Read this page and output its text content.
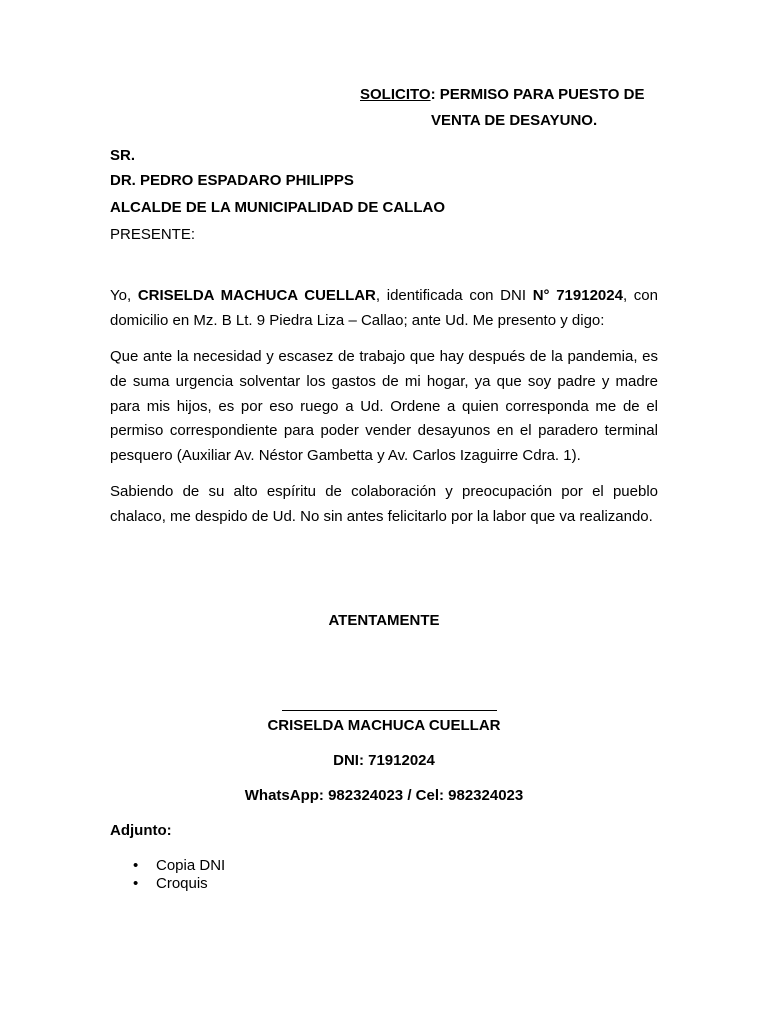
SOLICITO: PERMISO PARA PUESTO DE
VENTA DE DESAYUNO.
SR.
DR. PEDRO ESPADARO PHILIPPS
ALCALDE DE LA MUNICIPALIDAD DE CALLAO
PRESENTE:

Yo, CRISELDA MACHUCA CUELLAR, identificada con DNI N° 71912024, con domicilio en Mz. B Lt. 9 Piedra Liza – Callao; ante Ud. Me presento y digo:

Que ante la necesidad y escasez de trabajo que hay después de la pandemia, es de suma urgencia solventar los gastos de mi hogar, ya que soy padre y madre para mis hijos, es por eso ruego a Ud. Ordene a quien corresponda me de el permiso correspondiente para poder vender desayunos en el paradero terminal pesquero (Auxiliar Av. Néstor Gambetta y Av. Carlos Izaguirre Cdra. 1).

Sabiendo de su alto espíritu de colaboración y preocupación por el pueblo chalaco, me despido de Ud. No sin antes felicitarlo por la labor que va realizando.

ATENTAMENTE
CRISELDA MACHUCA CUELLAR
DNI: 71912024
WhatsApp: 982324023 / Cel: 982324023
Adjunto:
• Copia DNI
• Croquis
